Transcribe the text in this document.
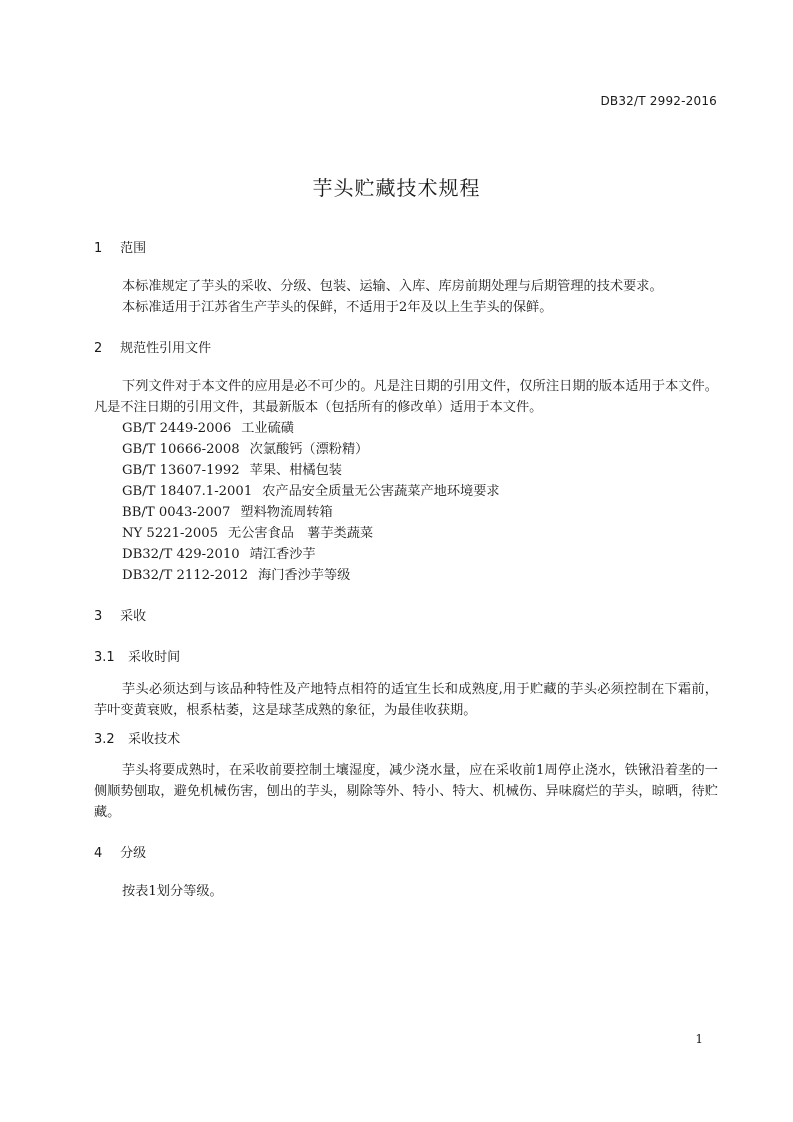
DB32/T 2992-2016
芋头贮藏技术规程
1 范围
本标准规定了芋头的采收、分级、包装、运输、入库、库房前期处理与后期管理的技术要求。
本标准适用于江苏省生产芋头的保鲜，不适用于2年及以上生芋头的保鲜。
2 规范性引用文件
下列文件对于本文件的应用是必不可少的。凡是注日期的引用文件，仅所注日期的版本适用于本文件。凡是不注日期的引用文件，其最新版本（包括所有的修改单）适用于本文件。
GB/T 2449-2006 工业硫磺
GB/T 10666-2008 次氯酸钙（漂粉精）
GB/T 13607-1992 苹果、柑橘包装
GB/T 18407.1-2001 农产品安全质量无公害蔬菜产地环境要求
BB/T 0043-2007 塑料物流周转箱
NY 5221-2005 无公害食品　薯芋类蔬菜
DB32/T 429-2010 靖江香沙芋
DB32/T 2112-2012 海门香沙芋等级
3 采收
3.1 采收时间
芋头必须达到与该品种特性及产地特点相符的适宜生长和成熟度,用于贮藏的芋头必须控制在下霜前，芋叶变黄衰败，根系枯萎，这是球茎成熟的象征，为最佳收获期。
3.2 采收技术
芋头将要成熟时，在采收前要控制土壤湿度，减少浇水量，应在采收前1周停止浇水，铁锹沿着垄的一侧顺势刨取，避免机械伤害，刨出的芋头，剔除等外、特小、特大、机械伤、异味腐烂的芋头，晾晒，待贮藏。
4 分级
按表1划分等级。
1
